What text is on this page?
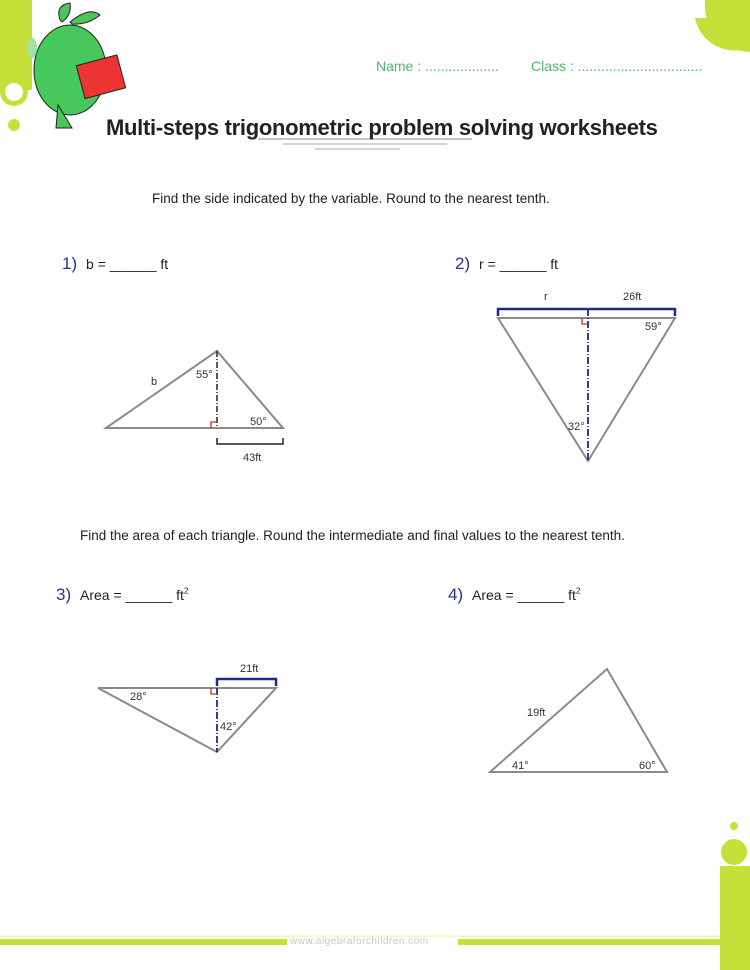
Name : ................... Class : ................................
Multi-steps trigonometric problem solving worksheets
Find the side indicated by the variable. Round to the nearest tenth.
Find the area of each triangle. Round the intermediate and final values to the nearest tenth.
1) b = ______ ft	2) r = ______ ft
3) Area = ______ $ft^2$	4) Area = ______ $ft^2$
b
55°
50°
43ft
r	26ft
59°
32°
21ft
28°
42°
19ft
41°	60°
www.algebraforchildren.com
